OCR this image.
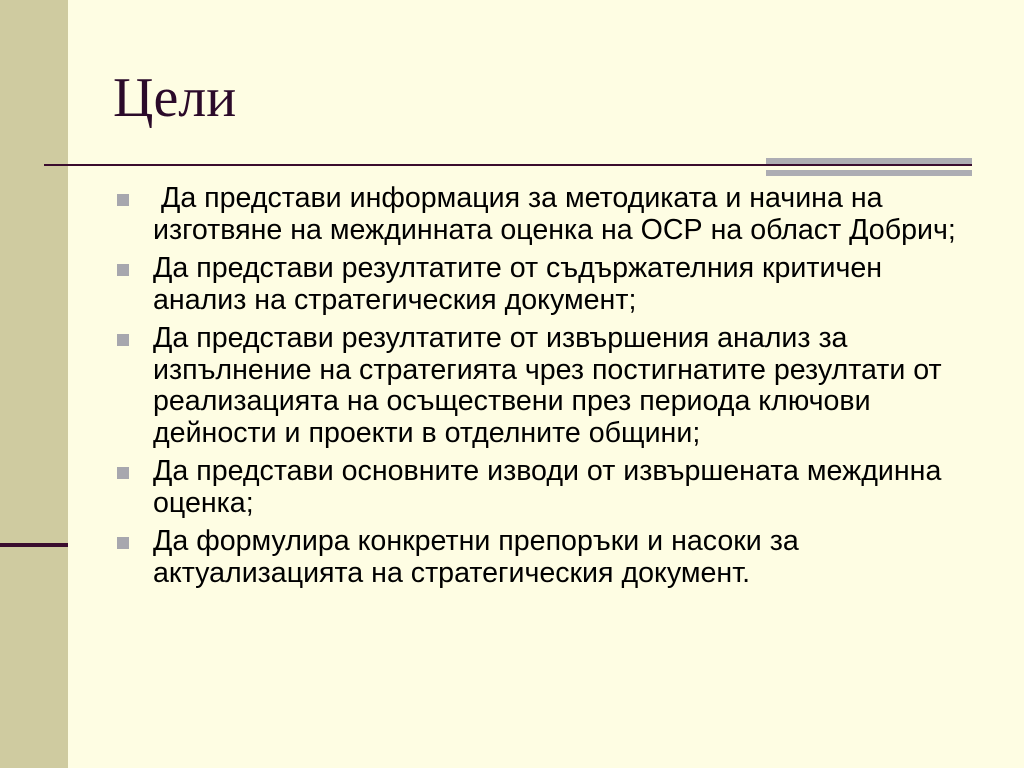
Цели
Да представи информация за методиката и начина на изготвяне на междинната оценка на ОСР на област Добрич;
Да представи резултатите от съдържателния критичен анализ на стратегическия документ;
Да представи резултатите от извършения анализ за изпълнение на стратегията чрез постигнатите резултати от реализацията на осъществени през периода ключови дейности и проекти в отделните общини;
Да представи основните изводи от извършената междинна оценка;
Да формулира конкретни препоръки и насоки за актуализацията на стратегическия документ.
